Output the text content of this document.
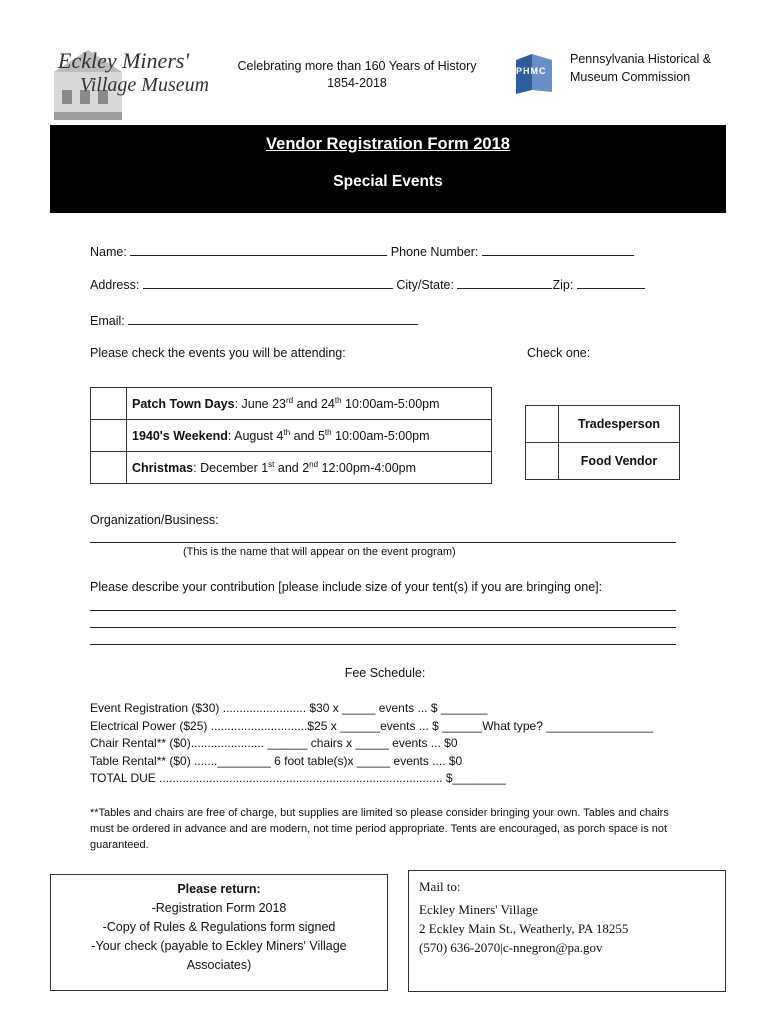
Eckley Miners'
Village Museum
Celebrating more than 160 Years of History
1854-2018
PHMC
Pennsylvania Historical &
Museum Commission
Vendor Registration Form 2018
Special Events
Name:	Phone Number:
Address:	City/State:	Zip:
Email:
Please check the events you will be attending:	Check one:
	Patch Town Days: June 23rd and 24th 10:00am-5:00pm
	1940's Weekend: August 4th and 5th 10:00am-5:00pm
	Christmas: December 1st and 2nd 12:00pm-4:00pm
	Tradesperson
	Food Vendor
Organization/Business:
(This is the name that will appear on the event program)
Please describe your contribution [please include size of your tent(s) if you are bringing one]:
Fee Schedule:
Event Registration ($30) ......................... $30 x _____ events ... $ _______
Electrical Power ($25) .............................$25 x ______events ... $ ______What type? ________________
Chair Rental** ($0)...................... ______ chairs x _____ events ... $0
Table Rental** ($0) .......________ 6 foot table(s)x _____ events .... $0
TOTAL DUE ..................................................................................... $________
**Tables and chairs are free of charge, but supplies are limited so please consider bringing your own. Tables and chairs must be ordered in advance and are modern, not time period appropriate. Tents are encouraged, as porch space is not guaranteed.
Please return:
-Registration Form 2018
-Copy of Rules & Regulations form signed
-Your check (payable to Eckley Miners' Village
Associates)
Mail to:
Eckley Miners' Village
2 Eckley Main St., Weatherly, PA 18255
(570) 636-2070|c-nnegron@pa.gov
